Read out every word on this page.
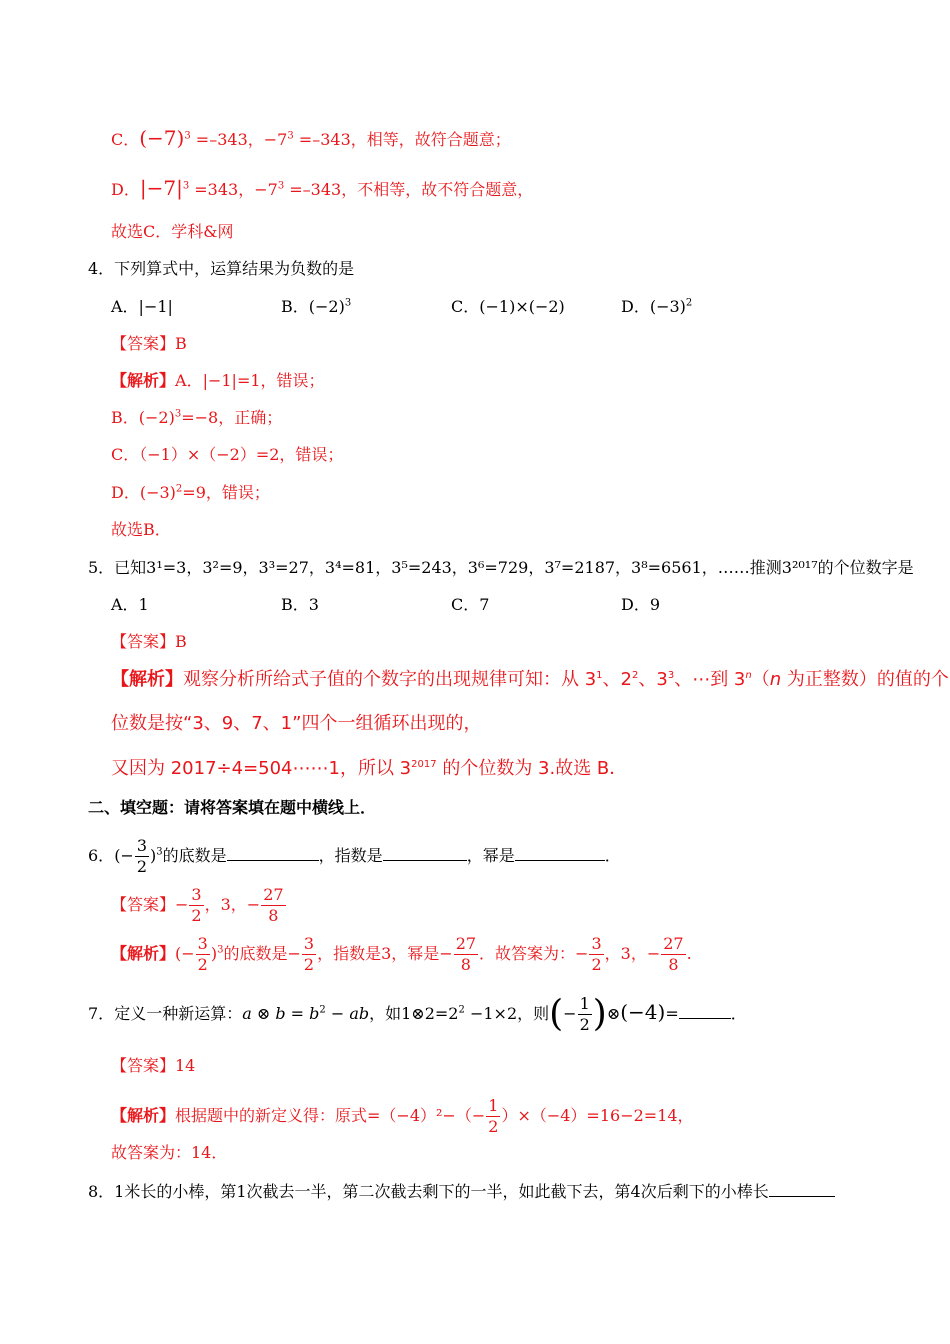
C．$(-7)^3 =-343$，$-7^3 =-343$，相等，故符合题意；
D．$|-7|^3 =343$，$-7^3 =-343$，不相等，故不符合题意，
故选C．学科&网
4．下列算式中，运算结果为负数的是
A．|−1|	B．$(-2)^3$	C．(−1)×(−2)	D．$(-3)^2$
【答案】B
【解析】A．|−1|=1，错误；
B．$(-2)^3=-8$，正确；
C．（−1）×（−2）=2，错误；
D．$(-3)^2=9$，错误；
故选B．
5．已知3¹=3，3²=9，3³=27，3⁴=81，3⁵=243，3⁶=729，3⁷=2187，3⁸=6561，……推测3²⁰¹⁷的个位数字是
A．1	B．3	C．7	D．9
【答案】B
【解析】观察分析所给式子值的个数字的出现规律可知：从 $3^1$、$2^2$、$3^3$、⋯到 3$^n$（n 为正整数）的值的个
位数是按“3、9、7、1”四个一组循环出现的，
又因为 2017÷4=504⋯⋯1，所以 $3^{2017}$ 的个位数为 3.故选 B．
二、填空题：请将答案填在题中横线上．
6．(− $\frac{3}{2} )^3$的底数是	，指数是	，幂是	．
【答案】− $\frac{3}{2}$ ，3，− $\frac{27}{8}$
【解析】(− $\frac{3}{2} )^3$的底数是− $\frac{3}{2}$ ，指数是3，幂是− $\frac{27}{8}$ ．故答案为：− $\frac{3}{2}$ ，3，− $\frac{27}{8}$ .
7．定义一种新运算：a ⊗ $b = b^2$ − ab，如$1\otimes 2=2^2 -1\times 2$，则(− $\frac{1}{2}$ )⊗(−4)=	．
【答案】14
【解析】根据题中的新定义得：原式$=(-4)^2-(- \frac{1}{2} )\times(-4)=16-2=14$，
故答案为：14．
8．1米长的小棒，第1次截去一半，第二次截去剩下的一半，如此截下去，第4次后剩下的小棒长
